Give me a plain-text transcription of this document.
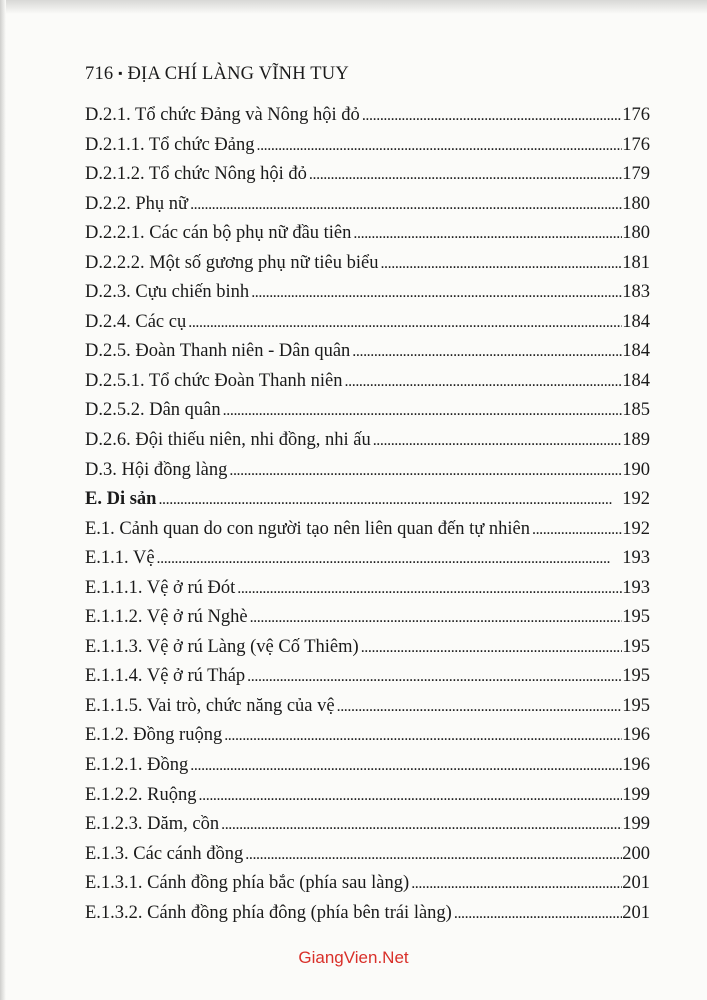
716 ▪ ĐỊA CHÍ LÀNG VĨNH TUY
D.2.1. Tổ chức Đảng và Nông hội đỏ . . .	176
D.2.1.1. Tổ chức Đảng . . .	176
D.2.1.2. Tổ chức Nông hội đỏ . . .	179
D.2.2. Phụ nữ . . .	180
D.2.2.1. Các cán bộ phụ nữ đầu tiên . . .	180
D.2.2.2. Một số gương phụ nữ tiêu biểu . . .	181
D.2.3. Cựu chiến binh . . .	183
D.2.4. Các cụ . . .	184
D.2.5. Đoàn Thanh niên - Dân quân . . .	184
D.2.5.1. Tổ chức Đoàn Thanh niên . . .	184
D.2.5.2. Dân quân . . .	185
D.2.6. Đội thiếu niên, nhi đồng, nhi ấu . . .	189
D.3. Hội đồng làng . . .	190
E. Di sản . . .	192
E.1. Cảnh quan do con người tạo nên liên quan đến tự nhiên . . .	192
E.1.1. Vệ . . .	193
E.1.1.1. Vệ ở rú Đót . . .	193
E.1.1.2. Vệ ở rú Nghè . . .	195
E.1.1.3. Vệ ở rú Làng (vệ Cố Thiêm) . . .	195
E.1.1.4. Vệ ở rú Tháp . . .	195
E.1.1.5. Vai trò, chức năng của vệ . . .	195
E.1.2. Đồng ruộng . . .	196
E.1.2.1. Đồng . . .	196
E.1.2.2. Ruộng . . .	199
E.1.2.3. Dăm, cồn . . .	199
E.1.3. Các cánh đồng . . .	200
E.1.3.1. Cánh đồng phía bắc (phía sau làng) . . .	201
E.1.3.2. Cánh đồng phía đông (phía bên trái làng) . . .	201
GiangVien.Net
